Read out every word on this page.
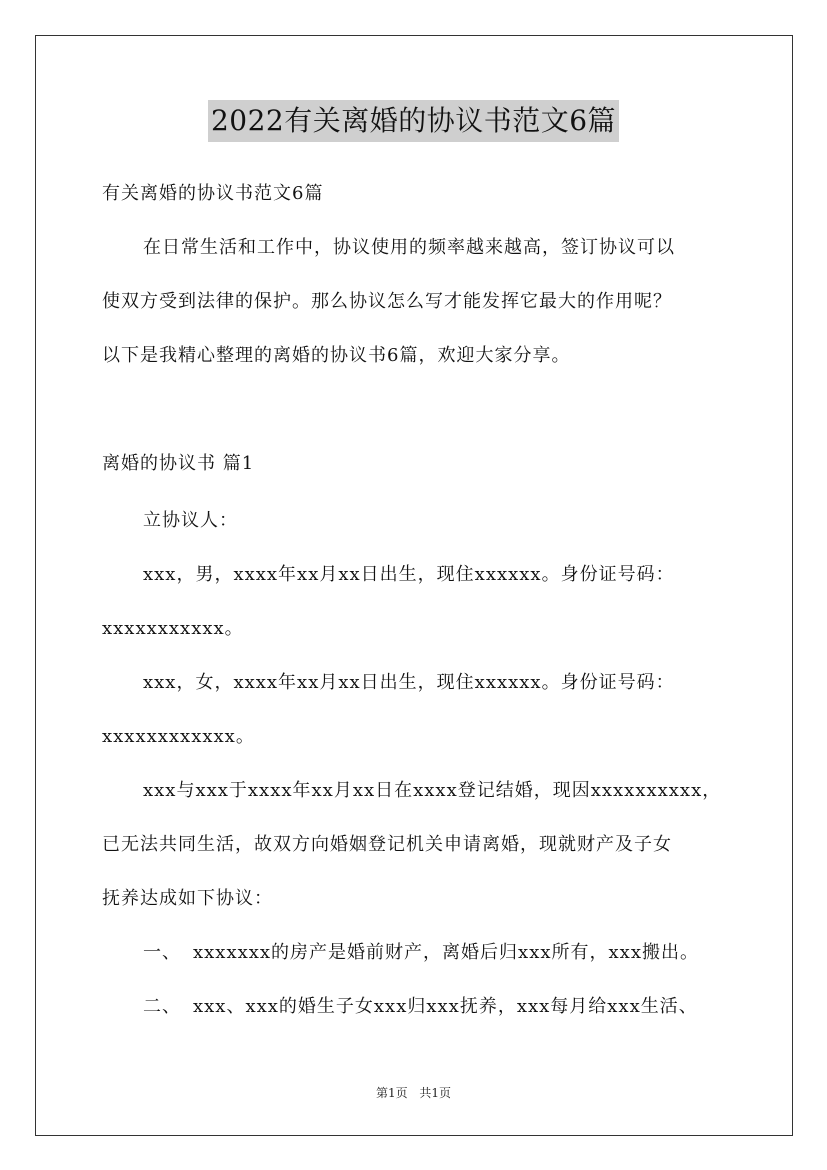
2022有关离婚的协议书范文6篇
有关离婚的协议书范文6篇
在日常生活和工作中，协议使用的频率越来越高，签订协议可以
使双方受到法律的保护。那么协议怎么写才能发挥它最大的作用呢？
以下是我精心整理的离婚的协议书6篇，欢迎大家分享。
离婚的协议书 篇1
立协议人：
xxx，男，xxxx年xx月xx日出生，现住xxxxxx。身份证号码：
xxxxxxxxxxx。
xxx，女，xxxx年xx月xx日出生，现住xxxxxx。身份证号码：
xxxxxxxxxxxx。
xxx与xxx于xxxx年xx月xx日在xxxx登记结婚，现因xxxxxxxxxx，
已无法共同生活，故双方向婚姻登记机关申请离婚，现就财产及子女
抚养达成如下协议：
一、 xxxxxxx的房产是婚前财产，离婚后归xxx所有，xxx搬出。
二、 xxx、xxx的婚生子女xxx归xxx抚养，xxx每月给xxx生活、
第1页 共1页
